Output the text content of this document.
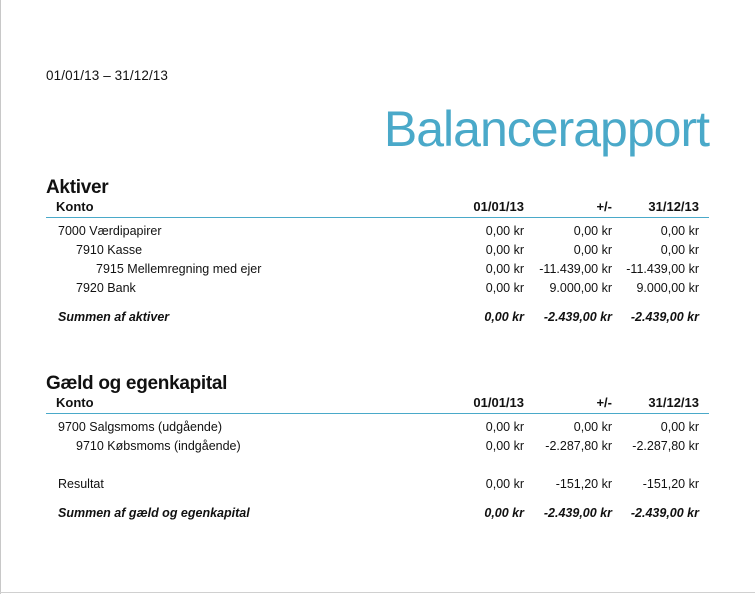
01/01/13 – 31/12/13
Balancerapport
Aktiver
Konto	01/01/13	+/-	31/12/13
7000 Værdipapirer	0,00 kr	0,00 kr	0,00 kr
7910 Kasse	0,00 kr	0,00 kr	0,00 kr
7915 Mellemregning med ejer	0,00 kr -11.439,00 kr -11.439,00 kr
7920 Bank	0,00 kr 9.000,00 kr 9.000,00 kr
Summen af aktiver	0,00 kr -2.439,00 kr -2.439,00 kr
Gæld og egenkapital
Konto	01/01/13	+/-	31/12/13
9700 Salgsmoms (udgående)	0,00 kr	0,00 kr	0,00 kr
9710 Købsmoms (indgående)	0,00 kr -2.287,80 kr -2.287,80 kr
Resultat	0,00 kr	-151,20 kr -151,20 kr
Summen af gæld og egenkapital	0,00 kr -2.439,00 kr -2.439,00 kr
